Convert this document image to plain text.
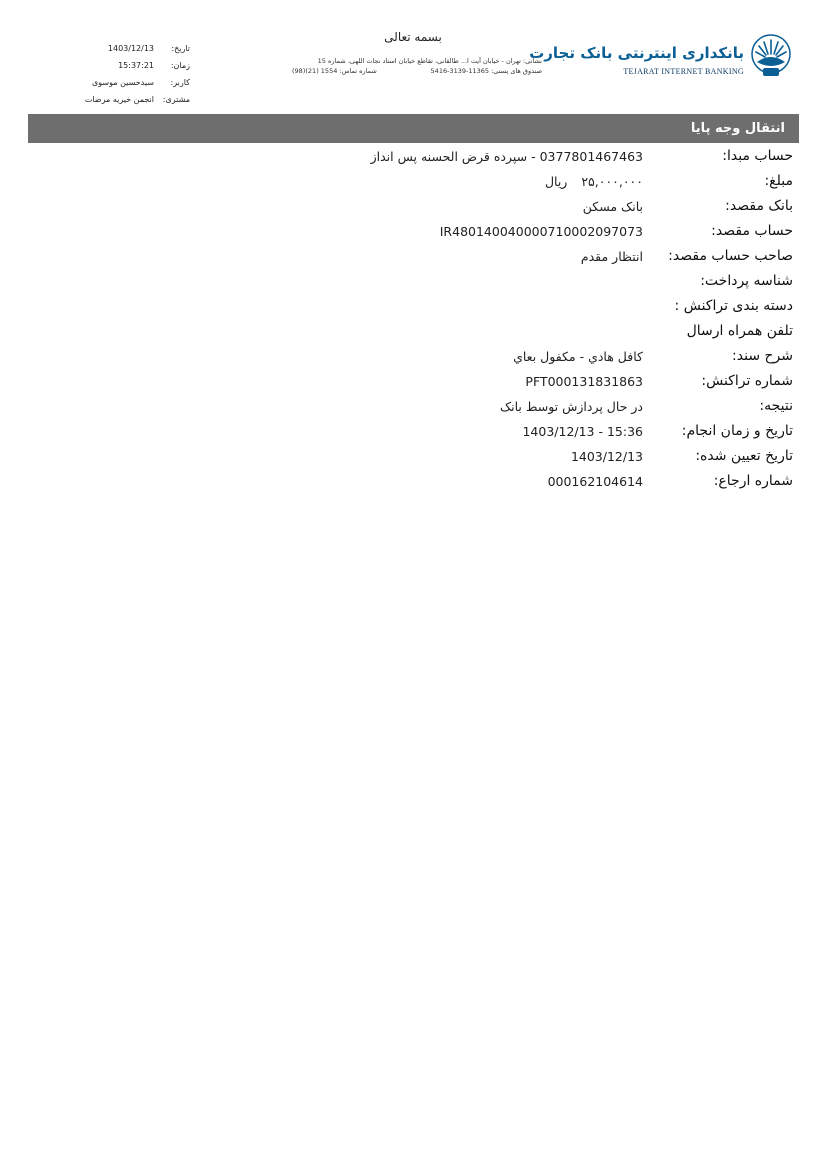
تاریخ:
1403/12/13
زمان:
15:37:21
کاربر:
سیدحسین موسوی
مشتری:
انجمن خیریه مرضات
بسمه تعالی
نشانی: تهران - خیابان آیت ا... طالقانی، تقاطع خیابان استاد نجات اللهی، شماره 15
صندوق های پستی: 11365-3139-5416
شماره تماس: 1554 (21)(98)
بانکداری اینترنتی بانک تجارت
TEJARAT INTERNET BANKING
انتقال وجه پایا
حساب مبدا:
0377801467463 - سپرده قرض الحسنه پس انداز
مبلغ:
۲۵,۰۰۰,۰۰۰ ریال
بانک مقصد:
بانک مسکن
حساب مقصد:
IR480140040000710002097073
صاحب حساب مقصد:
انتظار مقدم
شناسه پرداخت:
دسته بندی تراکنش :
تلفن همراه ارسال
شرح سند:
کافل هادي - مکفول بعاي
شماره تراکنش:
PFT000131831863
نتیجه:
در حال پردازش توسط بانک
تاریخ و زمان انجام:
1403/12/13 - 15:36
تاریخ تعیین شده:
1403/12/13
شماره ارجاع:
000162104614
